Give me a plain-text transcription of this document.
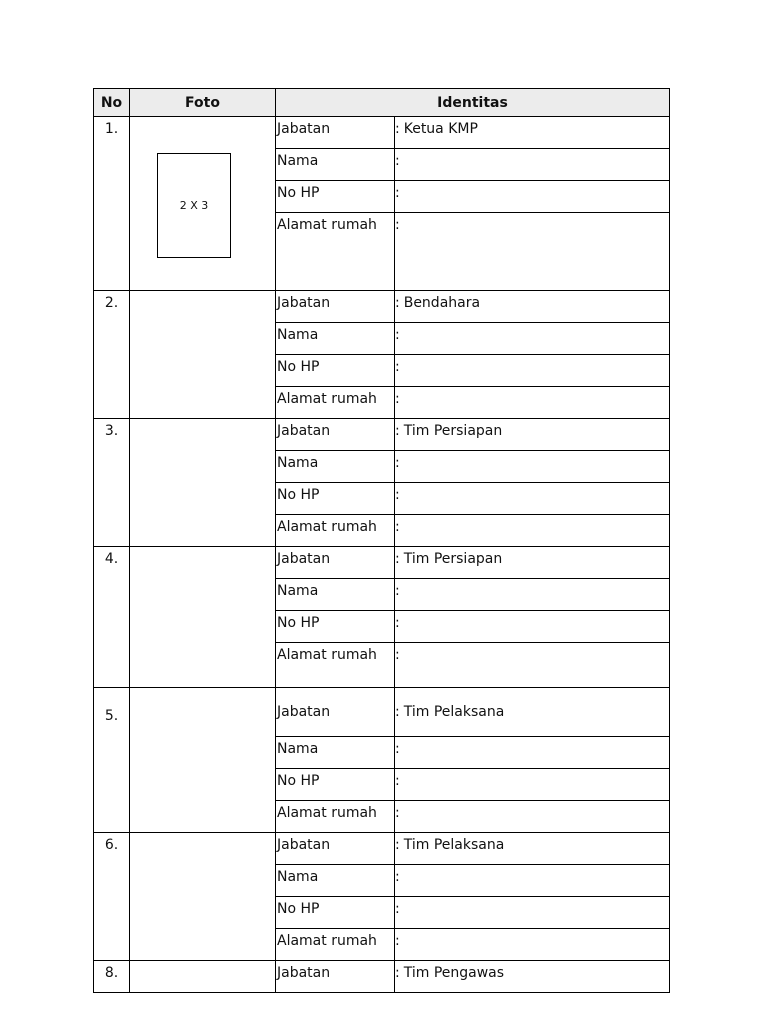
No	Foto	Identitas	
1.		Jabatan	: Ketua KMP
		Nama	:
		No HP	:
		Alamat rumah	:
2.		Jabatan	: Bendahara
		Nama	:
		No HP	:
		Alamat rumah	:
3.		Jabatan	: Tim Persiapan
		Nama	:
		No HP	:
		Alamat rumah	:
4.		Jabatan	: Tim Persiapan
		Nama	:
		No HP	:
		Alamat rumah	:
5.		Jabatan	: Tim Pelaksana
		Nama	:
		No HP	:
		Alamat rumah	:
6.		Jabatan	: Tim Pelaksana
		Nama	:
		No HP	:
		Alamat rumah	:
8.		Jabatan	: Tim Pengawas
2 X 3
